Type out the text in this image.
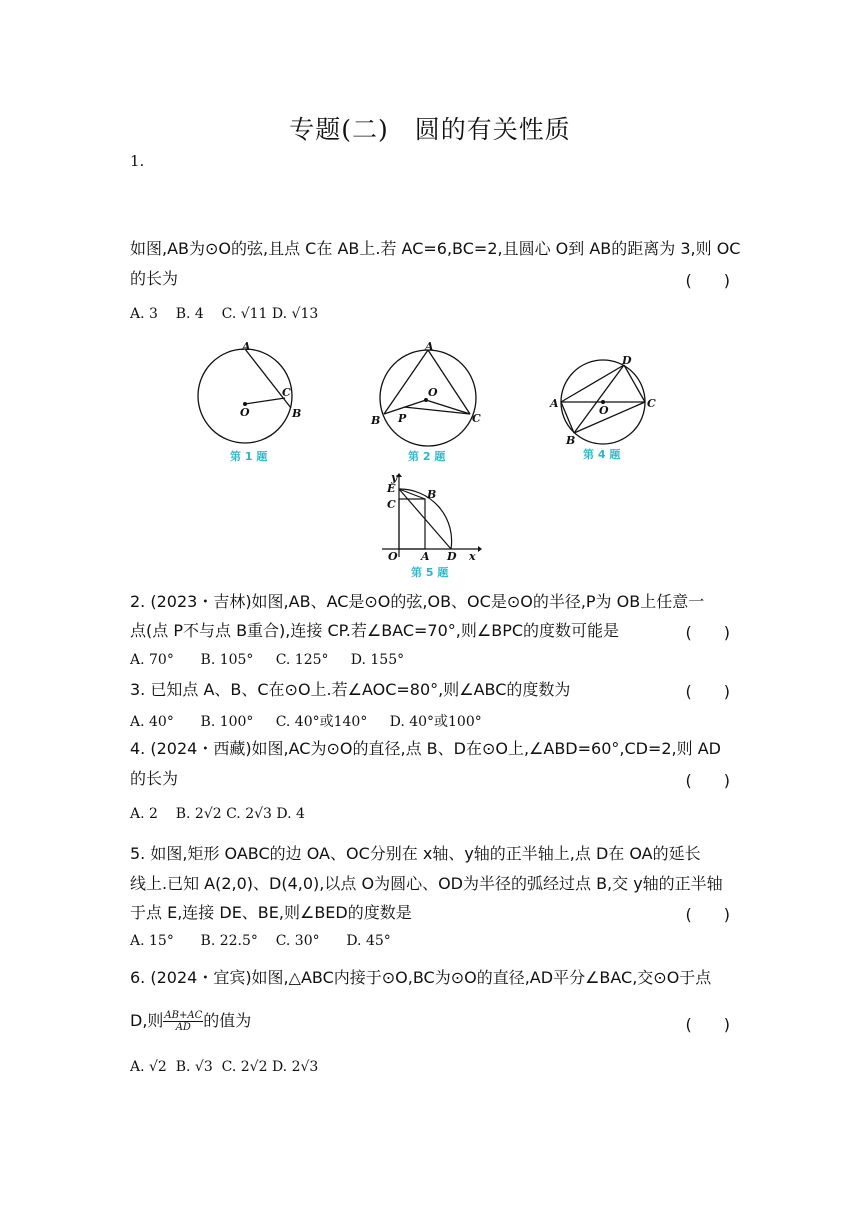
专题(二)　圆的有关性质
1.
如图,AB为⊙O的弦,且点 C在 AB上.若 AC=6,BC=2,且圆心 O到 AB的距离为 3,则 OC
的长为	(　　)
A. 3    B. 4    C. √11 D. √13
A
C
O	B
第 1 题
A
O
B P	C
第 2 题
D
A
O
C
B
第 4 题
y
E	B
C
O A D x
第 5 题
2. (2023・吉林)如图,AB、AC是⊙O的弦,OB、OC是⊙O的半径,P为 OB上任意一
点(点 P不与点 B重合),连接 CP.若∠BAC=70°,则∠BPC的度数可能是	(　　)
A. 70°      B. 105°     C. 125°     D. 155°
3. 已知点 A、B、C在⊙O上.若∠AOC=80°,则∠ABC的度数为	(　　)
A. 40°      B. 100°     C. 40°或140°     D. 40°或100°
4. (2024・西藏)如图,AC为⊙O的直径,点 B、D在⊙O上,∠ABD=60°,CD=2,则 AD
的长为	(　　)
A. 2    B. 2√2 C. 2√3 D. 4
5. 如图,矩形 OABC的边 OA、OC分别在 x轴、y轴的正半轴上,点 D在 OA的延长
线上.已知 A(2,0)、D(4,0),以点 O为圆心、OD为半径的弧经过点 B,交 y轴的正半轴
于点 E,连接 DE、BE,则∠BED的度数是	(　　)
A. 15°      B. 22.5°    C. 30°      D. 45°
6. (2024・宜宾)如图,△ABC内接于⊙O,BC为⊙O的直径,AD平分∠BAC,交⊙O于点
D,则 $\frac{AB+AC}{AD}$ 的值为	(　　)
A. √2  B. √3  C. 2√2 D. 2√3
